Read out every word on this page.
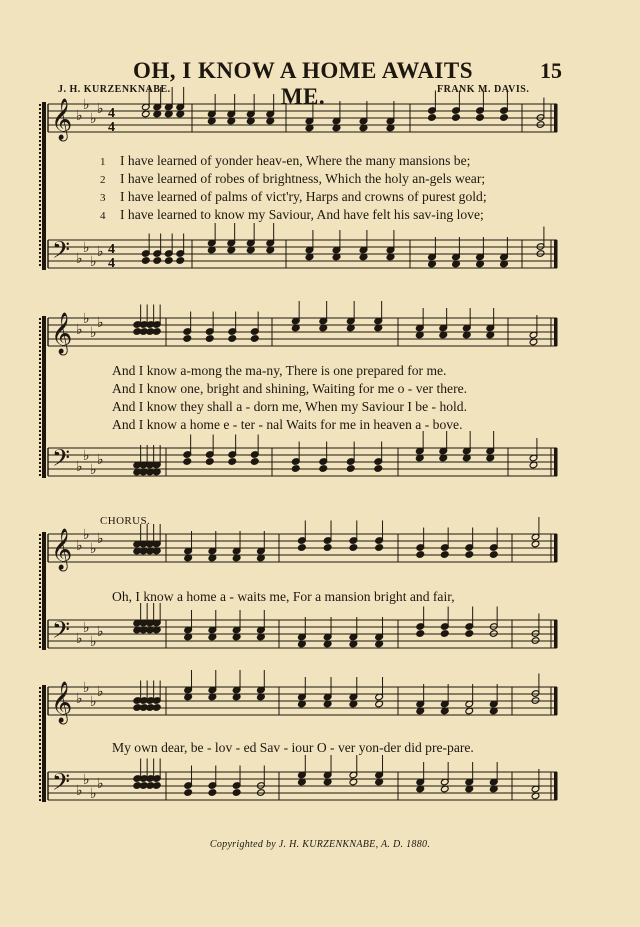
OH, I KNOW A HOME AWAITS ME.
15
J. H. KURZENKNABE.	FRANK M. DAVIS.
𝄞 ♭
♭
♭
♭ 4
4
𝄢 ♭
♭
♭
♭ 4
4
𝄞 ♭
♭
♭
♭
𝄢 ♭
♭
♭
♭
𝄞 ♭
♭
♭
♭
𝄢 ♭
♭
♭
♭
𝄞 ♭
♭
♭
♭
𝄢 ♭
♭
♭
♭
1 I have learned of yonder heav-en, Where the many mansions be;
2 I have learned of robes of brightness, Which the holy an-gels wear;
3 I have learned of palms of vict'ry, Harps and crowns of purest gold;
4 I have learned to know my Saviour, And have felt his sav-ing love;
And I know a-mong the ma-ny, There is one prepared for me.
And I know one, bright and shining, Waiting for me o - ver there.
And I know they shall a - dorn me, When my Saviour I be - hold.
And I know a home e - ter - nal Waits for me in heaven a - bove.
CHORUS.
Oh, I know a home a - waits me, For a mansion bright and fair,
My own dear, be - lov - ed Sav - iour O - ver yon-der did pre-pare.
Copyrighted by J. H. KURZENKNABE, A. D. 1880.
